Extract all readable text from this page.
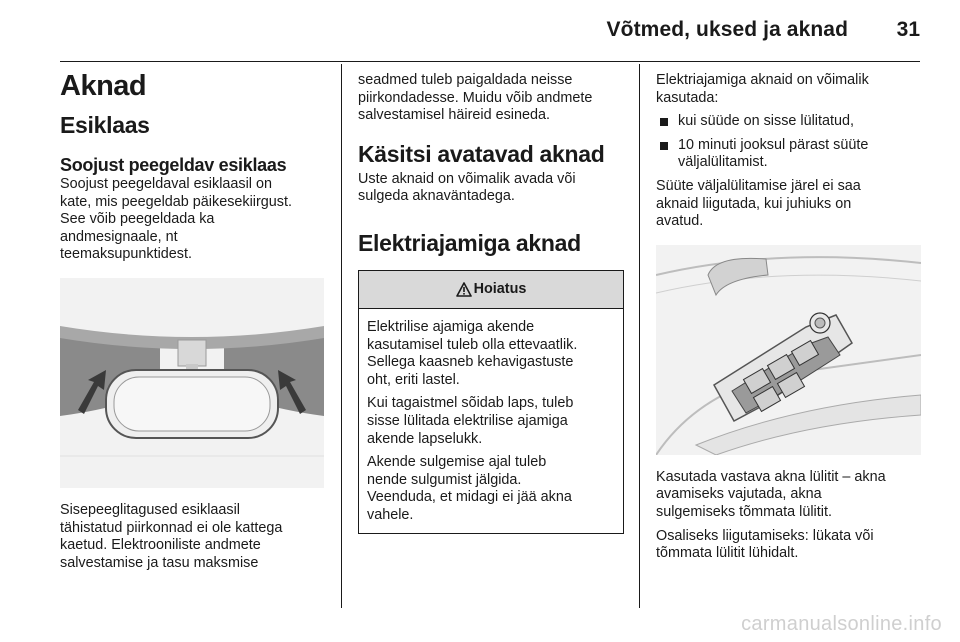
Võtmed, uksed ja aknad 31
Aknad
Esiklaas
Soojust peegeldav esiklaas
Soojust peegeldaval esiklaasil on
kate, mis peegeldab päikesekiirgust.
See võib peegeldada ka
andmesignaale, nt
teemaksupunktidest.
Sisepeeglitagused esiklaasil
tähistatud piirkonnad ei ole kattega
kaetud. Elektrooniliste andmete
salvestamise ja tasu maksmise
seadmed tuleb paigaldada neisse
piirkondadesse. Muidu võib andmete
salvestamisel häireid esineda.
Käsitsi avatavad aknad
Uste aknaid on võimalik avada või
sulgeda aknaväntadega.
Elektriajamiga aknad
Hoiatus
Elektrilise ajamiga akende
kasutamisel tuleb olla ettevaatlik.
Sellega kaasneb kehavigastuste
oht, eriti lastel.
Kui tagaistmel sõidab laps, tuleb
sisse lülitada elektrilise ajamiga
akende lapselukk.
Akende sulgemise ajal tuleb
nende sulgumist jälgida.
Veenduda, et midagi ei jää akna
vahele.
Elektriajamiga aknaid on võimalik
kasutada:
kui süüde on sisse lülitatud,
10 minuti jooksul pärast süüte
väljalülitamist.
Süüte väljalülitamise järel ei saa
aknaid liigutada, kui juhiuks on
avatud.
Kasutada vastava akna lülitit – akna
avamiseks vajutada, akna
sulgemiseks tõmmata lülitit.
Osaliseks liigutamiseks: lükata või
tõmmata lülitit lühidalt.
carmanualsonline.info
